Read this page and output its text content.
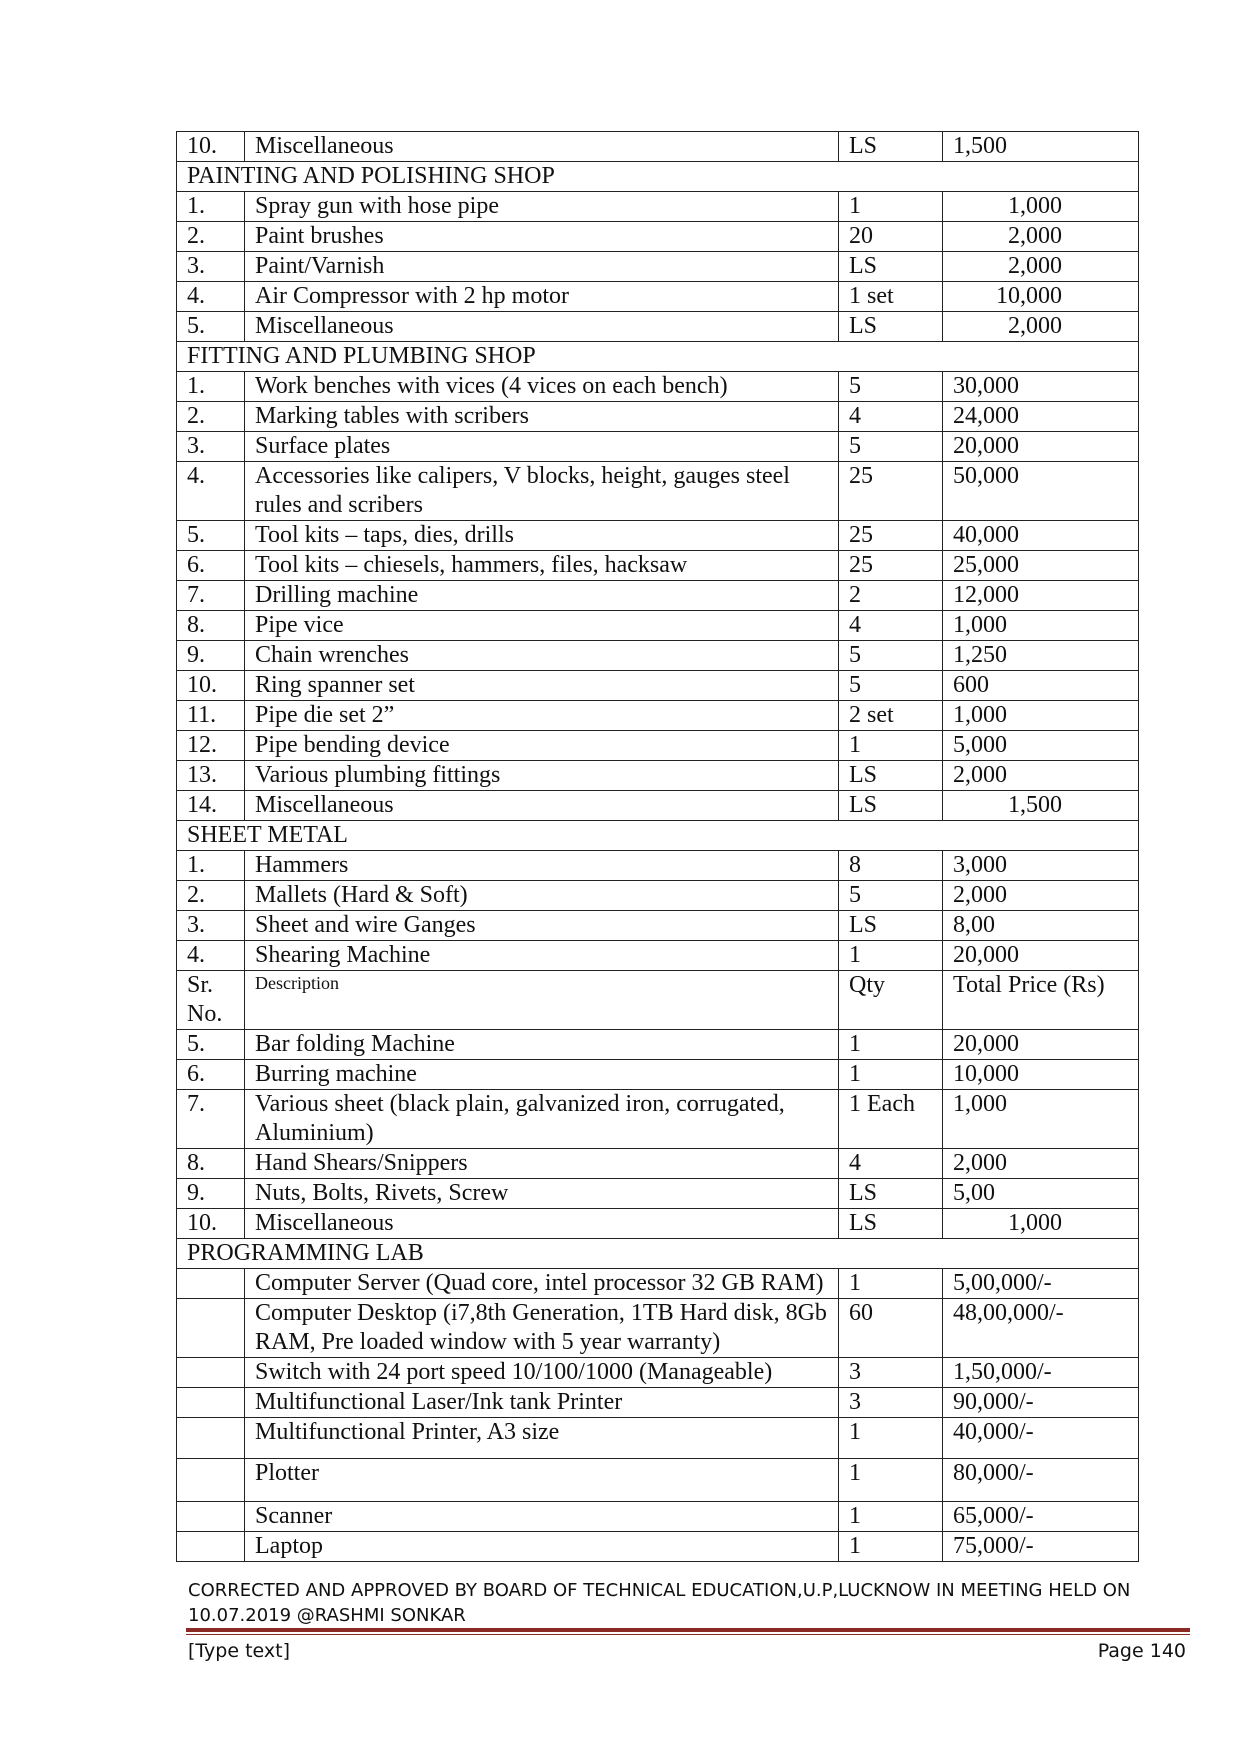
10.	Miscellaneous	LS	1,500
PAINTING AND POLISHING SHOP			
1.	Spray gun with hose pipe	1	1,000
2.	Paint brushes	20	2,000
3.	Paint/Varnish	LS	2,000
4.	Air Compressor with 2 hp motor	1 set	10,000
5.	Miscellaneous	LS	2,000
FITTING AND PLUMBING SHOP			
1.	Work benches with vices (4 vices on each bench)	5	30,000
2.	Marking tables with scribers	4	24,000
3.	Surface plates	5	20,000
4.	Accessories like calipers, V blocks, height, gauges steel rules and scribers	25	50,000
5.	Tool kits – taps, dies, drills	25	40,000
6.	Tool kits – chiesels, hammers, files, hacksaw	25	25,000
7.	Drilling machine	2	12,000
8.	Pipe vice	4	1,000
9.	Chain wrenches	5	1,250
10.	Ring spanner set	5	600
11.	Pipe die set 2”	2 set	1,000
12.	Pipe bending device	1	5,000
13.	Various plumbing fittings	LS	2,000
14.	Miscellaneous	LS	1,500
SHEET METAL			
1.	Hammers	8	3,000
2.	Mallets (Hard & Soft)	5	2,000
3.	Sheet and wire Ganges	LS	8,00
4.	Shearing Machine	1	20,000
Sr. No.	Description	Qty	Total Price (Rs)
5.	Bar folding Machine	1	20,000
6.	Burring machine	1	10,000
7.	Various sheet (black plain, galvanized iron, corrugated, Aluminium)	1 Each	1,000
8.	Hand Shears/Snippers	4	2,000
9.	Nuts, Bolts, Rivets, Screw	LS	5,00
10.	Miscellaneous	LS	1,000
PROGRAMMING LAB			
	Computer Server (Quad core, intel processor 32 GB RAM)	1	5,00,000/-
	Computer Desktop (i7,8th Generation, 1TB Hard disk, 8Gb RAM, Pre loaded window with 5 year warranty)	60	48,00,000/-
	Switch with 24 port speed 10/100/1000 (Manageable)	3	1,50,000/-
	Multifunctional Laser/Ink tank Printer	3	90,000/-
	Multifunctional Printer, A3 size	1	40,000/-
	Plotter	1	80,000/-
	Scanner	1	65,000/-
	Laptop	1	75,000/-
CORRECTED AND APPROVED BY BOARD OF TECHNICAL EDUCATION,U.P,LUCKNOW IN MEETING HELD ON 10.07.2019 @RASHMI SONKAR
[Type text]	Page 140
